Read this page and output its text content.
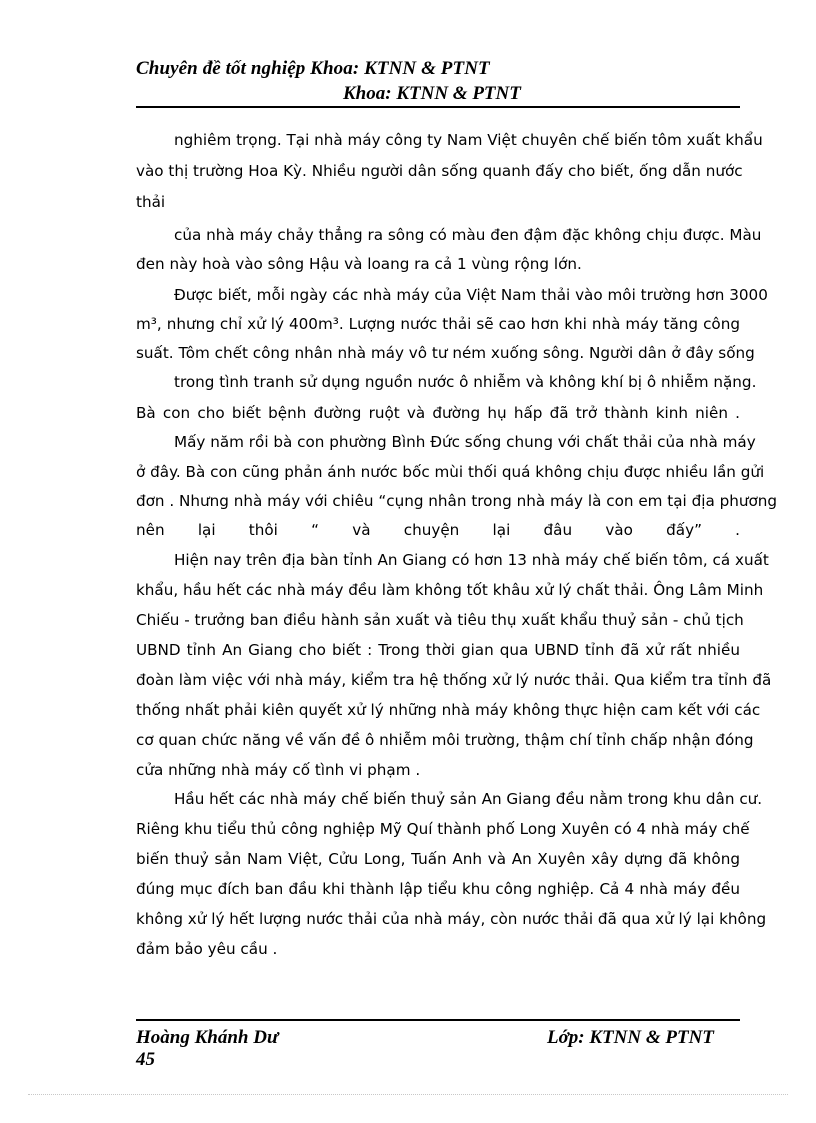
Chuyên đề tốt nghiệp Khoa: KTNN & PTNT
Khoa: KTNN & PTNT

nghiêm trọng. Tại nhà máy công ty Nam Việt chuyên chế biến tôm xuất khẩu

vào thị trường Hoa Kỳ. Nhiều người dân sống quanh đấy cho biết, ống dẫn nước

thải

của nhà máy chảy thẳng ra sông có màu đen đậm đặc không chịu được. Màu

đen này hoà vào sông Hậu và loang ra cả 1 vùng rộng lớn.

Được biết, mỗi ngày các nhà máy của Việt Nam thải vào môi trường hơn 3000

m³, nhưng chỉ xử lý 400m³. Lượng nước thải sẽ cao hơn khi nhà máy tăng công

suất. Tôm chết công nhân nhà máy vô tư ném xuống sông. Người dân ở đây sống

trong tình tranh sử dụng nguồn nước ô nhiễm và không khí bị ô nhiễm nặng.

Bà con cho biết bệnh đường ruột và đường hụ hấp đã trở thành kinh niên .

Mấy năm rồi bà con phường Bình Đức sống chung với chất thải của nhà máy

ở đây. Bà con cũng phản ánh nước bốc mùi thối quá không chịu được nhiều lần gửi

đơn . Nhưng nhà máy với chiêu “cụng nhân trong nhà máy là con em tại địa phương

nên lại thôi “ và chuyện lại đâu vào đấy” .

Hiện nay trên địa bàn tỉnh An Giang có hơn 13 nhà máy chế biến tôm, cá xuất

khẩu, hầu hết các nhà máy đều làm không tốt khâu xử lý chất thải. Ông Lâm Minh

Chiếu - trưởng ban điều hành sản xuất và tiêu thụ xuất khẩu thuỷ sản - chủ tịch

UBND tỉnh An Giang cho biết : Trong thời gian qua UBND tỉnh đã xử rất nhiều

đoàn làm việc với nhà máy, kiểm tra hệ thống xử lý nước thải. Qua kiểm tra tỉnh đã

thống nhất phải kiên quyết xử lý những nhà máy không thực hiện cam kết với các

cơ quan chức năng về vấn đề ô nhiễm môi trường, thậm chí tỉnh chấp nhận đóng

cửa những nhà máy cố tình vi phạm .

Hầu hết các nhà máy chế biến thuỷ sản An Giang đều nằm trong khu dân cư.

Riêng khu tiểu thủ công nghiệp Mỹ Quí thành phố Long Xuyên có 4 nhà máy chế

biến thuỷ sản Nam Việt, Cửu Long, Tuấn Anh và An Xuyên xây dựng đã không

đúng mục đích ban đầu khi thành lập tiểu khu công nghiệp. Cả 4 nhà máy đều

không xử lý hết lượng nước thải của nhà máy, còn nước thải đã qua xử lý lại không

đảm bảo yêu cầu .

Hoàng Khánh Dư	Lớp: KTNN & PTNT
45
